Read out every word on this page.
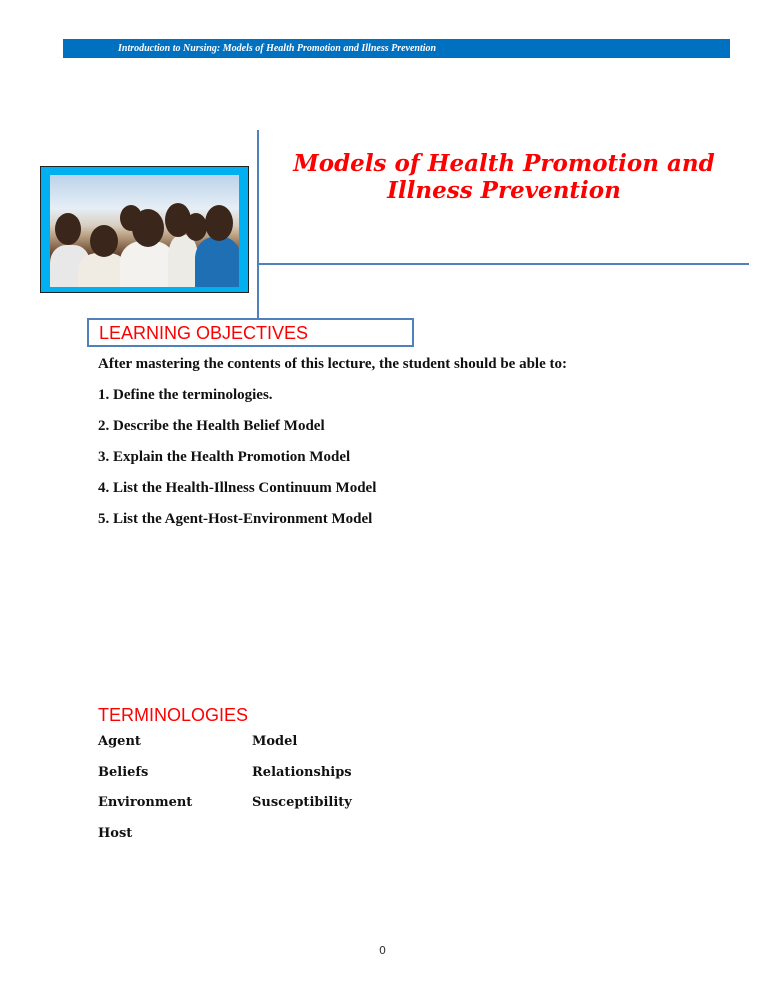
Introduction to Nursing: Models of Health Promotion and Illness Prevention
Models of Health Promotion and
Illness Prevention
LEARNING OBJECTIVES
After mastering the contents of this lecture, the student should be able to:
1. Define the terminologies.
2. Describe the Health Belief Model
3. Explain the Health Promotion Model
4. List the Health-Illness Continuum Model
5. List the Agent-Host-Environment Model
TERMINOLOGIES
Agent
Beliefs
Environment
Host
Model
Relationships
Susceptibility
0
